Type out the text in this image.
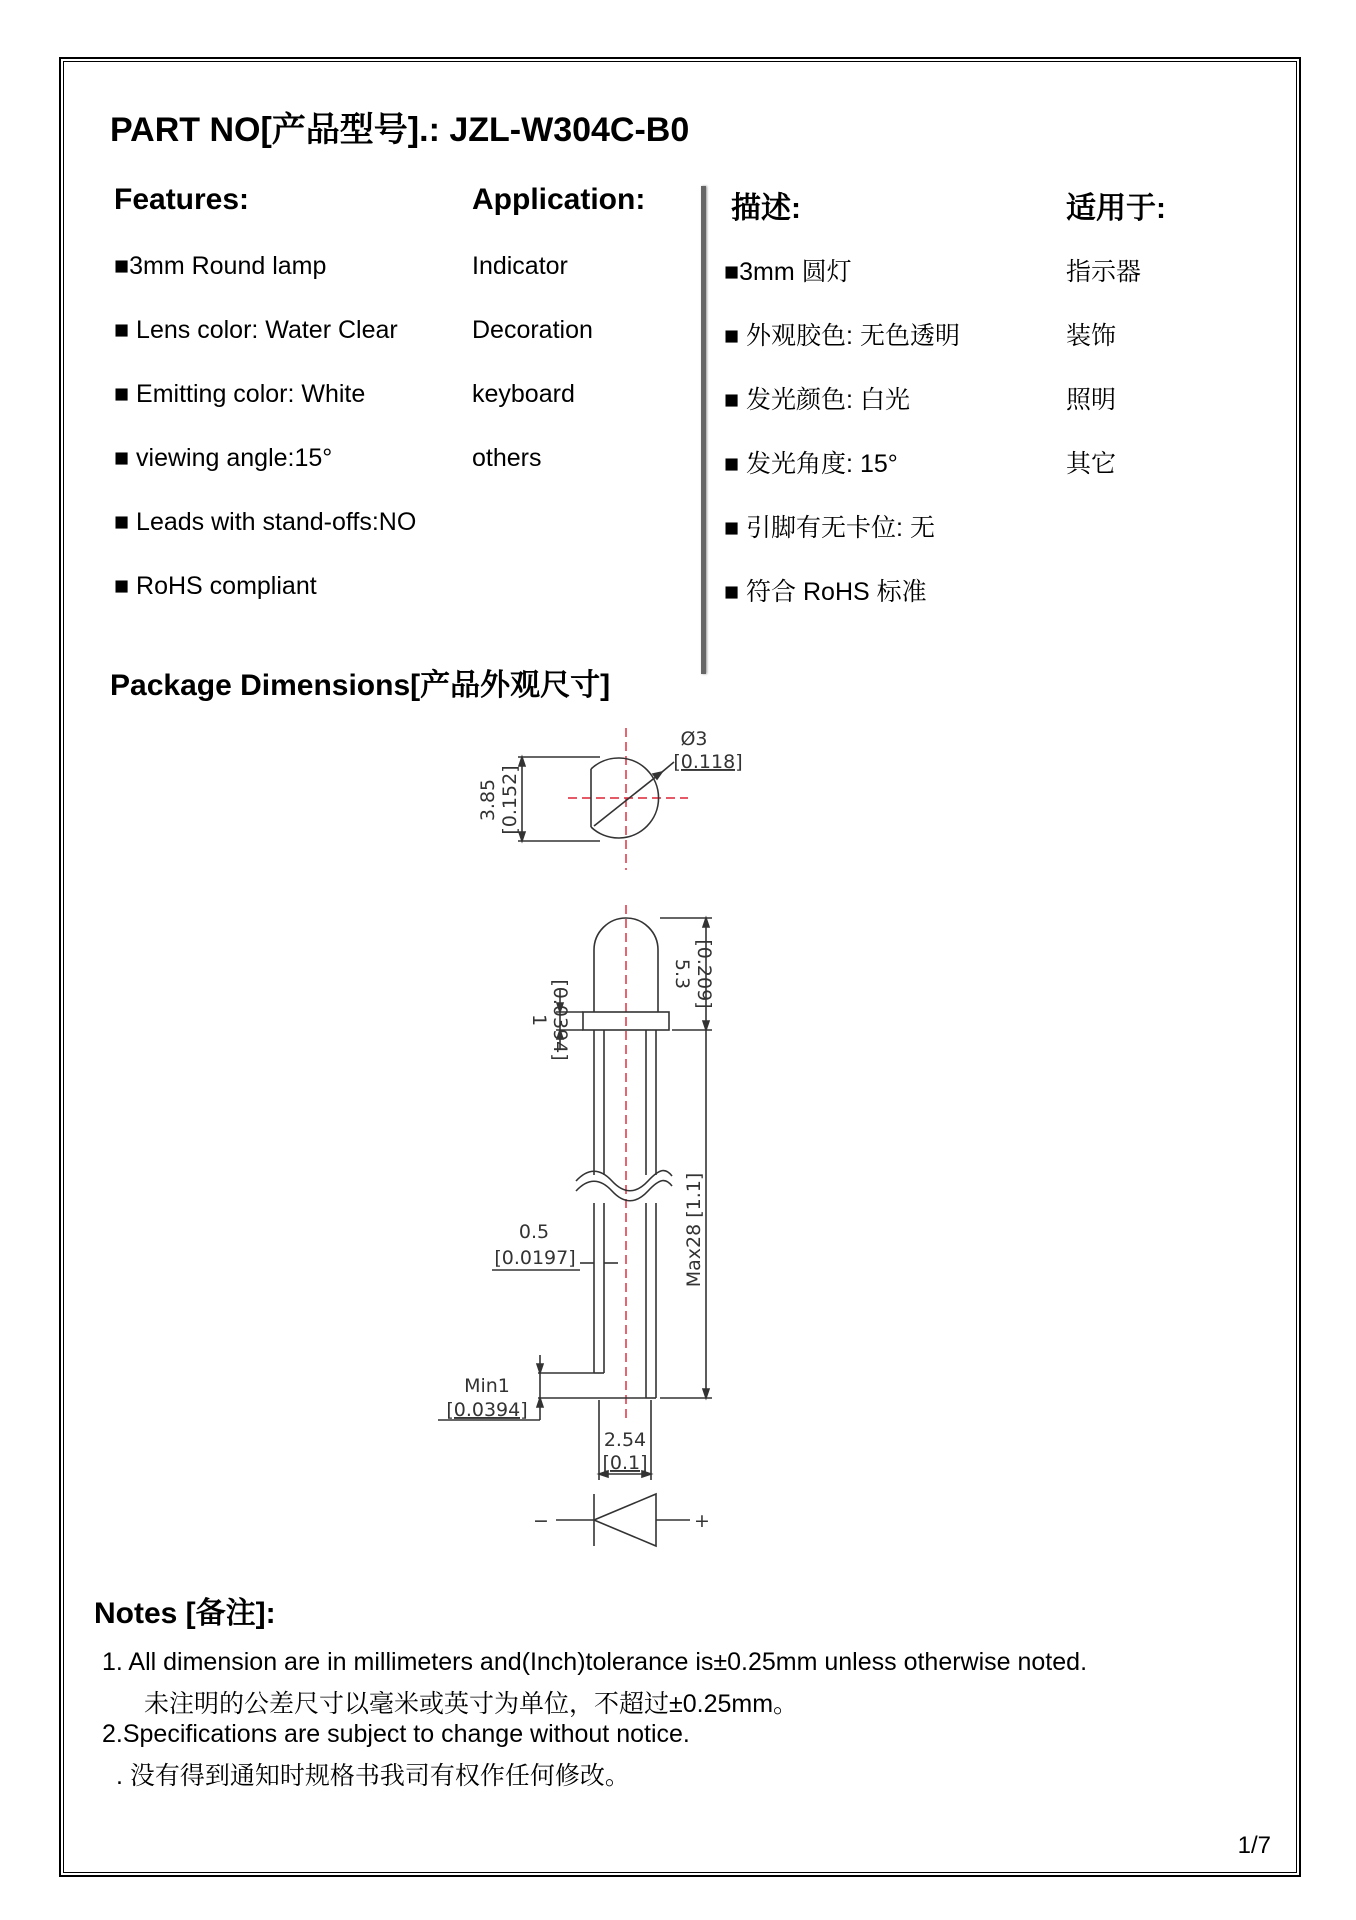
PART NO[产品型号].: JZL-W304C-B0
Features:
■3mm Round lamp
■ Lens color: Water Clear
■ Emitting color: White
■ viewing angle:15°
■ Leads with stand-offs:NO
■ RoHS compliant
Application:
Indicator
Decoration
keyboard
others
描述:
■3mm 圆灯
■ 外观胶色: 无色透明
■ 发光颜色: 白光
■ 发光角度: 15°
■ 引脚有无卡位: 无
■ 符合 RoHS 标准
适用于:
指示器
装饰
照明
其它
Package Dimensions[产品外观尺寸]
Ø3
[0.118]
3.85 [0.152]
5.3 [0.209]
1 [0.0394]
Max28 [1.1]
0.5
[0.0197]
Min1
[0.0394]
2.54
[0.1]
−	+
Notes [备注]:
1. All dimension are in millimeters and(Inch)tolerance is±0.25mm unless otherwise noted.
未注明的公差尺寸以毫米或英寸为单位，不超过±0.25mm。
2.Specifications are subject to change without notice.
. 没有得到通知时规格书我司有权作任何修改。
1/7
